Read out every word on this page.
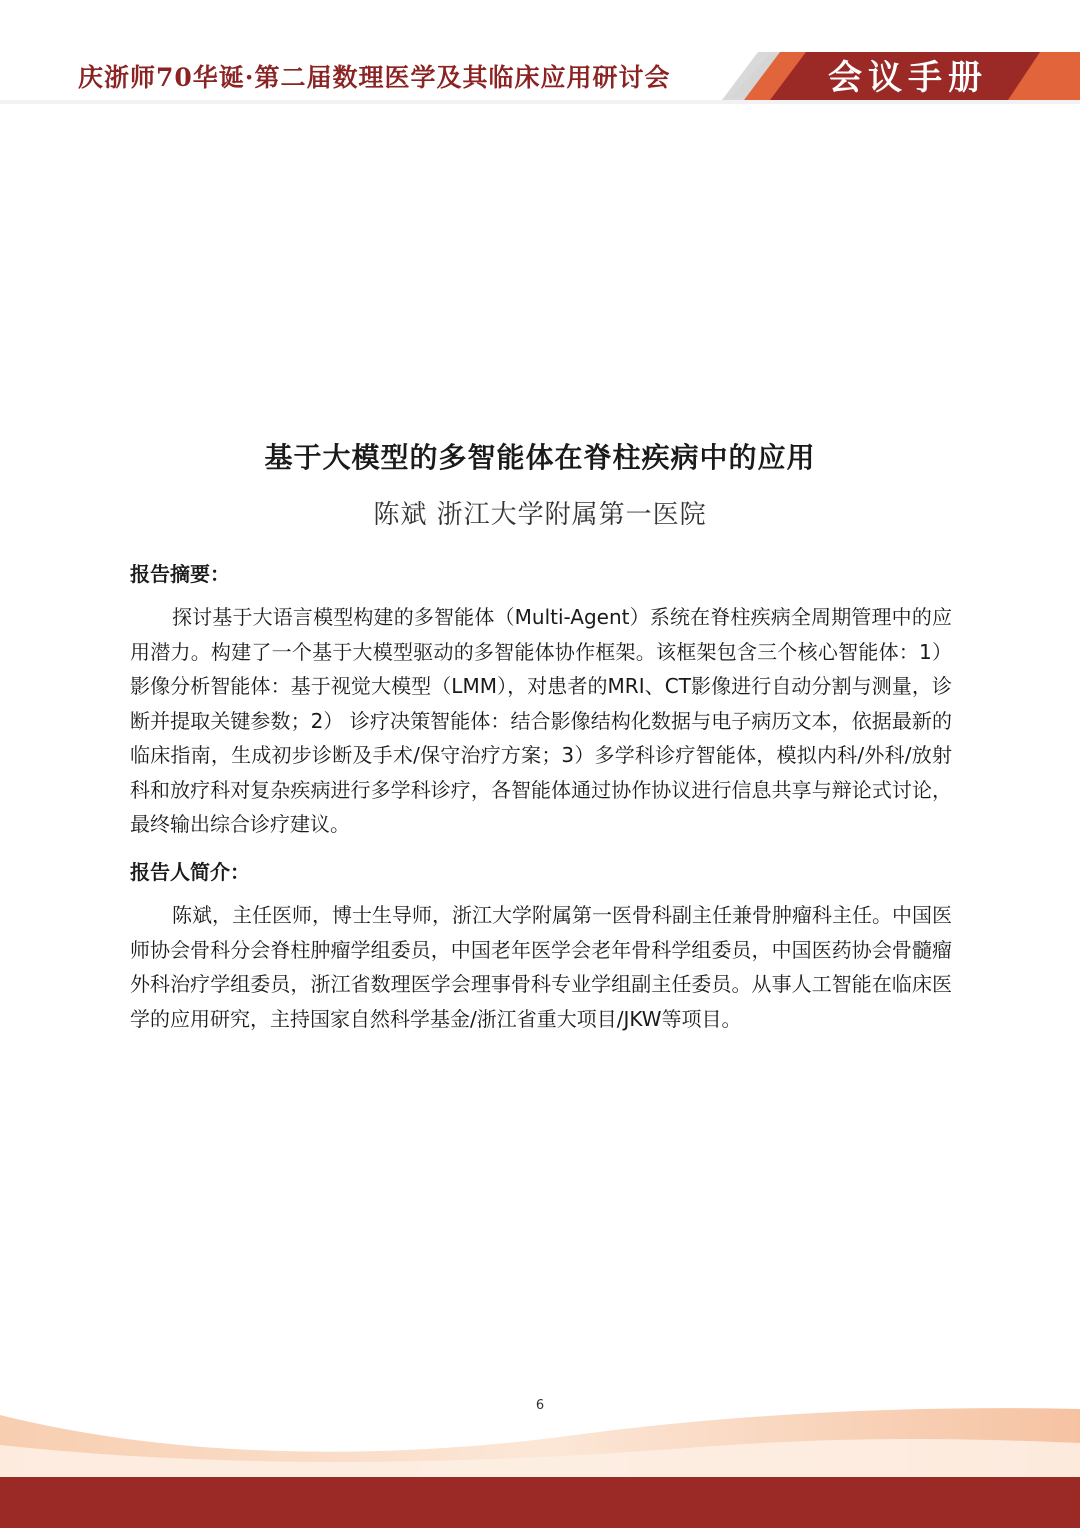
庆浙师70华诞·第二届数理医学及其临床应用研讨会	会议手册
基于大模型的多智能体在脊柱疾病中的应用
陈斌 浙江大学附属第一医院
报告摘要：

探讨基于大语言模型构建的多智能体（Multi-Agent）系统在脊柱疾病全周期管理中的应用潜力。构建了一个基于大模型驱动的多智能体协作框架。该框架包含三个核心智能体：1） 影像分析智能体：基于视觉大模型（LMM），对患者的MRI、CT影像进行自动分割与测量，诊断并提取关键参数；2） 诊疗决策智能体：结合影像结构化数据与电子病历文本，依据最新的临床指南，生成初步诊断及手术/保守治疗方案；3）多学科诊疗智能体，模拟内科/外科/放射科和放疗科对复杂疾病进行多学科诊疗，各智能体通过协作协议进行信息共享与辩论式讨论，最终输出综合诊疗建议。

报告人简介：

陈斌，主任医师，博士生导师，浙江大学附属第一医骨科副主任兼骨肿瘤科主任。中国医师协会骨科分会脊柱肿瘤学组委员，中国老年医学会老年骨科学组委员，中国医药协会骨髓瘤外科治疗学组委员，浙江省数理医学会理事骨科专业学组副主任委员。从事人工智能在临床医学的应用研究，主持国家自然科学基金/浙江省重大项目/JKW等项目。

6
